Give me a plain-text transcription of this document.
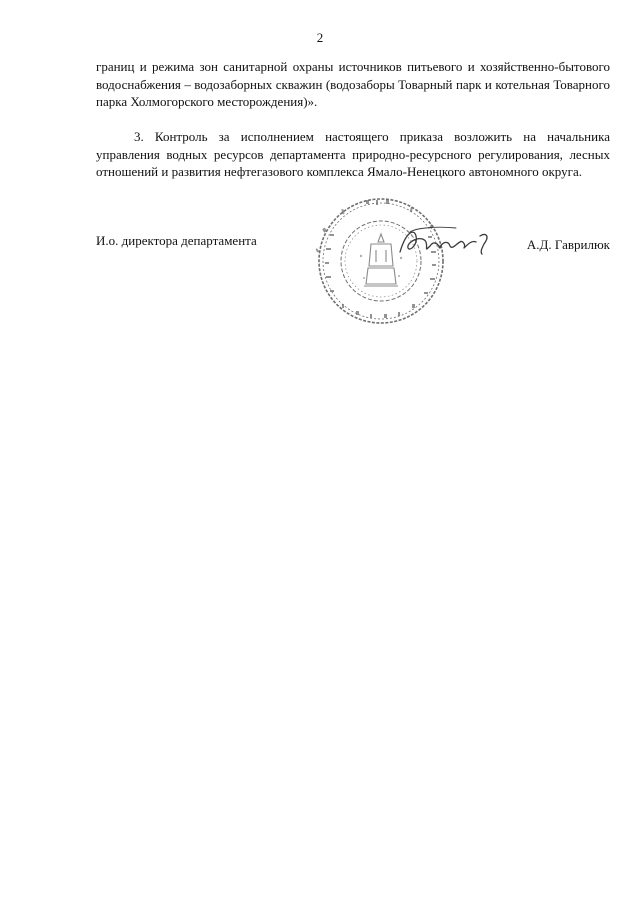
2

границ и режима зон санитарной охраны источников питьевого и хозяйственно-бытового водоснабжения – водозаборных скважин (водозаборы Товарный парк и котельная Товарного парка Холмогорского месторождения)».

3. Контроль за исполнением настоящего приказа возложить на начальника управления водных ресурсов департамента природно-ресурсного регулирования, лесных отношений и развития нефтегазового комплекса Ямало-Ненецкого автономного округа.

И.о. директора департамента	А.Д. Гаврилюк
